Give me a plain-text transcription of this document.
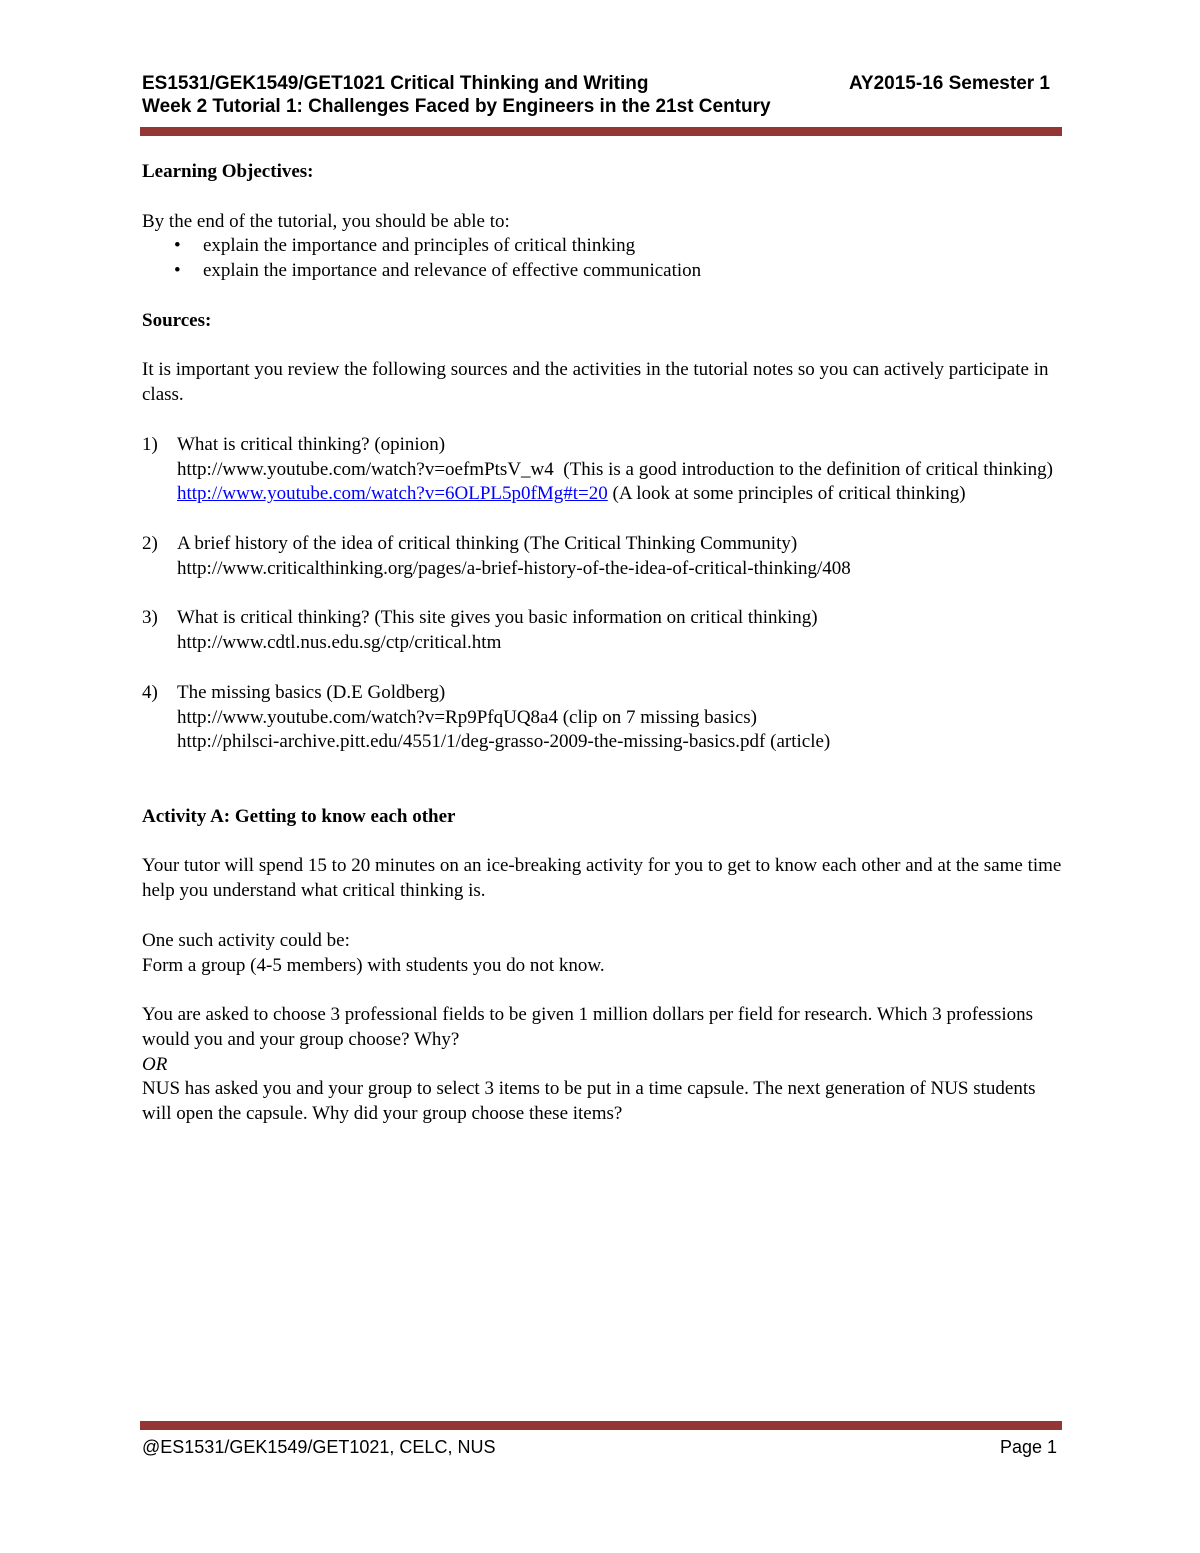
ES1531/GEK1549/GET1021 Critical Thinking and Writing	AY2015-16 Semester 1
Week 2 Tutorial 1: Challenges Faced by Engineers in the 21st Century

Learning Objectives:

By the end of the tutorial, you should be able to:

• explain the importance and principles of critical thinking
• explain the importance and relevance of effective communication

Sources:

It is important you review the following sources and the activities in the tutorial notes so you can actively participate in class.

1) What is critical thinking? (opinion)
http://www.youtube.com/watch?v=oefmPtsV_w4 (This is a good introduction to the definition of critical thinking)
http://www.youtube.com/watch?v=6OLPL5p0fMg#t=20 (A look at some principles of critical thinking)
2) A brief history of the idea of critical thinking (The Critical Thinking Community)
http://www.criticalthinking.org/pages/a-brief-history-of-the-idea-of-critical-thinking/408
3) What is critical thinking? (This site gives you basic information on critical thinking)
http://www.cdtl.nus.edu.sg/ctp/critical.htm
4) The missing basics (D.E Goldberg)
http://www.youtube.com/watch?v=Rp9PfqUQ8a4 (clip on 7 missing basics)
http://philsci-archive.pitt.edu/4551/1/deg-grasso-2009-the-missing-basics.pdf (article)

Activity A: Getting to know each other

Your tutor will spend 15 to 20 minutes on an ice-breaking activity for you to get to know each other and at the same time help you understand what critical thinking is.

One such activity could be:

Form a group (4-5 members) with students you do not know.

You are asked to choose 3 professional fields to be given 1 million dollars per field for research. Which 3 professions would you and your group choose? Why?

OR

NUS has asked you and your group to select 3 items to be put in a time capsule. The next generation of NUS students will open the capsule. Why did your group choose these items?

@ES1531/GEK1549/GET1021, CELC, NUS	Page 1
